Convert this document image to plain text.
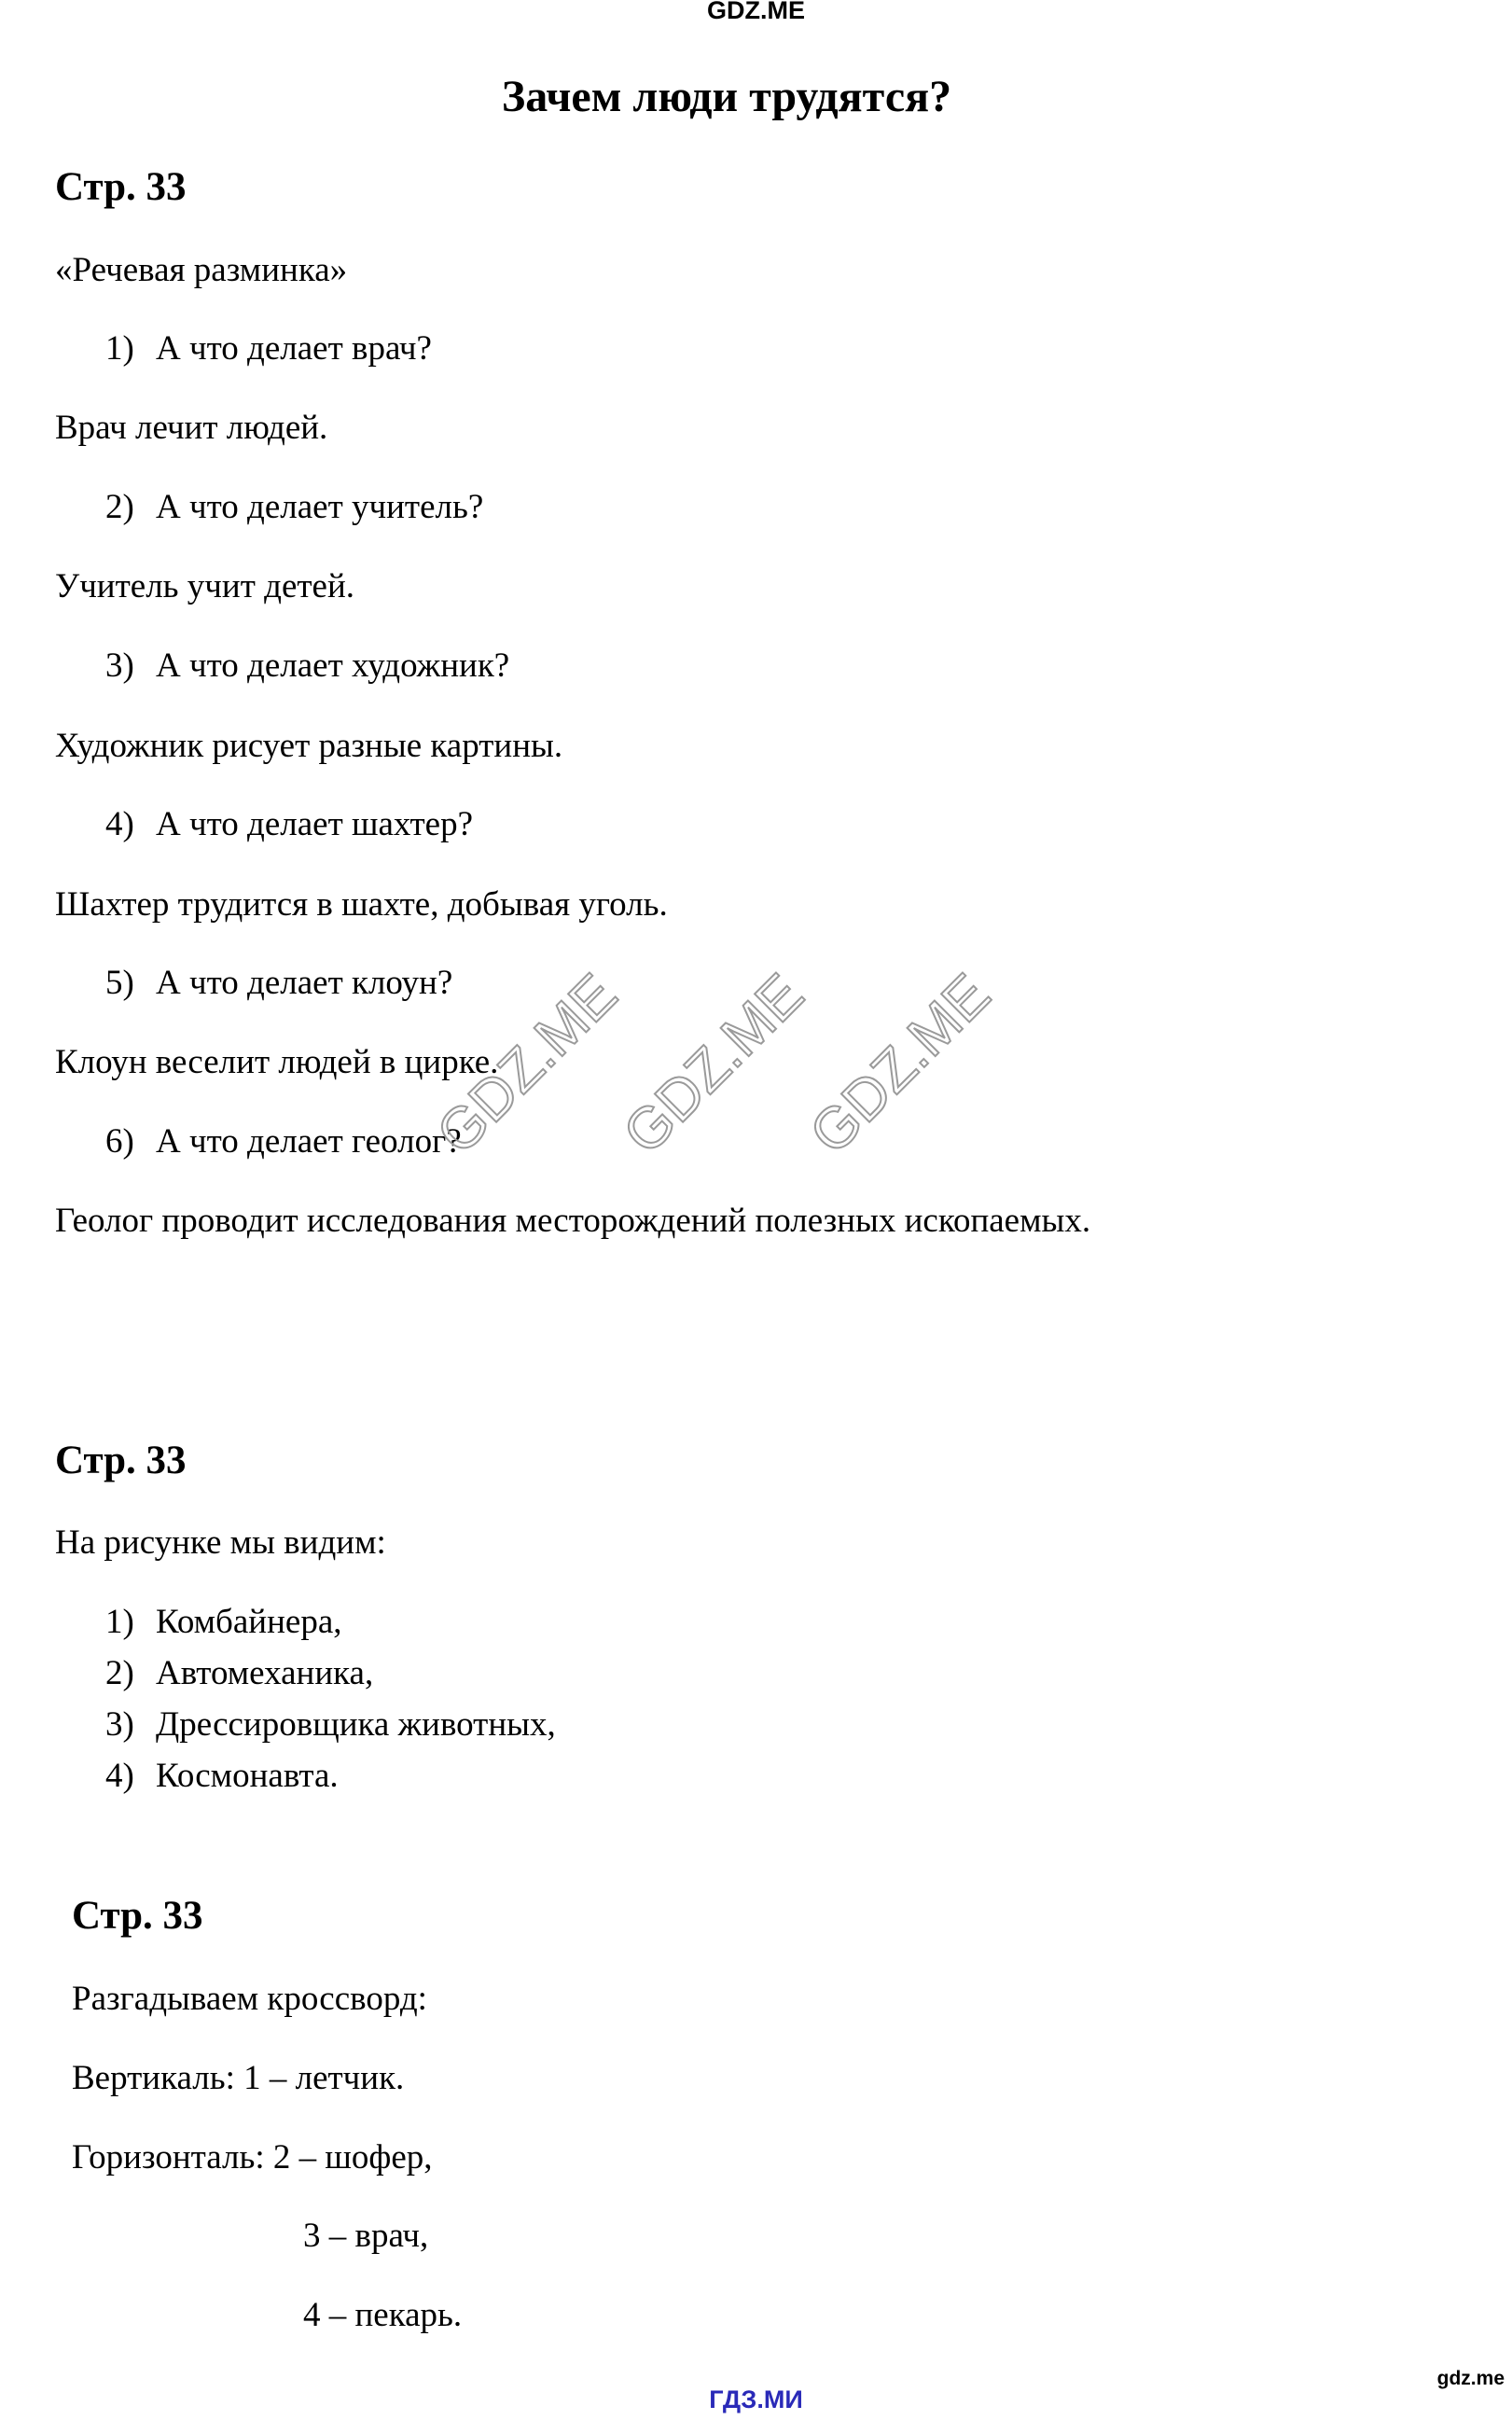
GDZ.ME
Зачем люди трудятся?
Стр. 33
«Речевая разминка»
1) А что делает врач?
Врач лечит людей.
2) А что делает учитель?
Учитель учит детей.
3) А что делает художник?
Художник рисует разные картины.
4) А что делает шахтер?
Шахтер трудится в шахте, добывая уголь.
5) А что делает клоун?
Клоун веселит людей в цирке.
6) А что делает геолог?
Геолог проводит исследования месторождений полезных ископаемых.
Стр. 33
На рисунке мы видим:
1) Комбайнера,
2) Автомеханика,
3) Дрессировщика животных,
4) Космонавта.
Стр. 33
Разгадываем кроссворд:
Вертикаль: 1 – летчик.
Горизонталь: 2 – шофер,
3 – врач,
4 – пекарь.
GDZ.ME
GDZ.ME
GDZ.ME
ГДЗ.МИ
gdz.me
